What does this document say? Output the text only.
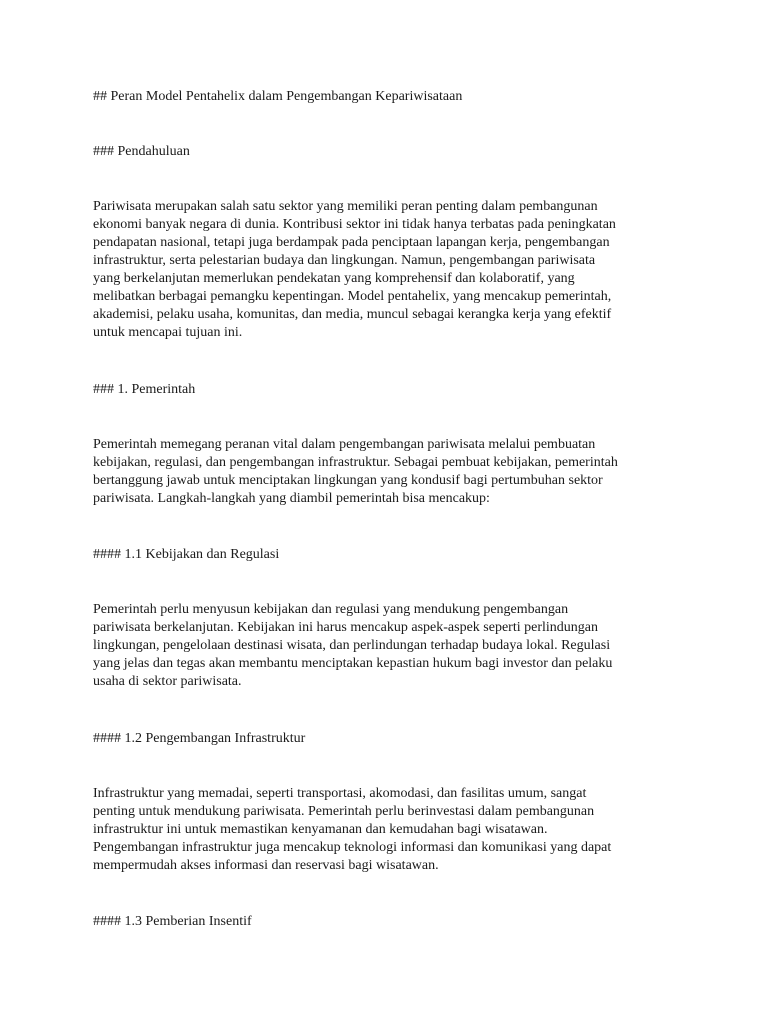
## Peran Model Pentahelix dalam Pengembangan Kepariwisataan

### Pendahuluan

Pariwisata merupakan salah satu sektor yang memiliki peran penting dalam pembangunan
ekonomi banyak negara di dunia. Kontribusi sektor ini tidak hanya terbatas pada peningkatan
pendapatan nasional, tetapi juga berdampak pada penciptaan lapangan kerja, pengembangan
infrastruktur, serta pelestarian budaya dan lingkungan. Namun, pengembangan pariwisata
yang berkelanjutan memerlukan pendekatan yang komprehensif dan kolaboratif, yang
melibatkan berbagai pemangku kepentingan. Model pentahelix, yang mencakup pemerintah,
akademisi, pelaku usaha, komunitas, dan media, muncul sebagai kerangka kerja yang efektif
untuk mencapai tujuan ini.

### 1. Pemerintah

Pemerintah memegang peranan vital dalam pengembangan pariwisata melalui pembuatan
kebijakan, regulasi, dan pengembangan infrastruktur. Sebagai pembuat kebijakan, pemerintah
bertanggung jawab untuk menciptakan lingkungan yang kondusif bagi pertumbuhan sektor
pariwisata. Langkah-langkah yang diambil pemerintah bisa mencakup:

#### 1.1 Kebijakan dan Regulasi

Pemerintah perlu menyusun kebijakan dan regulasi yang mendukung pengembangan
pariwisata berkelanjutan. Kebijakan ini harus mencakup aspek-aspek seperti perlindungan
lingkungan, pengelolaan destinasi wisata, dan perlindungan terhadap budaya lokal. Regulasi
yang jelas dan tegas akan membantu menciptakan kepastian hukum bagi investor dan pelaku
usaha di sektor pariwisata.

#### 1.2 Pengembangan Infrastruktur

Infrastruktur yang memadai, seperti transportasi, akomodasi, dan fasilitas umum, sangat
penting untuk mendukung pariwisata. Pemerintah perlu berinvestasi dalam pembangunan
infrastruktur ini untuk memastikan kenyamanan dan kemudahan bagi wisatawan.
Pengembangan infrastruktur juga mencakup teknologi informasi dan komunikasi yang dapat
mempermudah akses informasi dan reservasi bagi wisatawan.

#### 1.3 Pemberian Insentif
